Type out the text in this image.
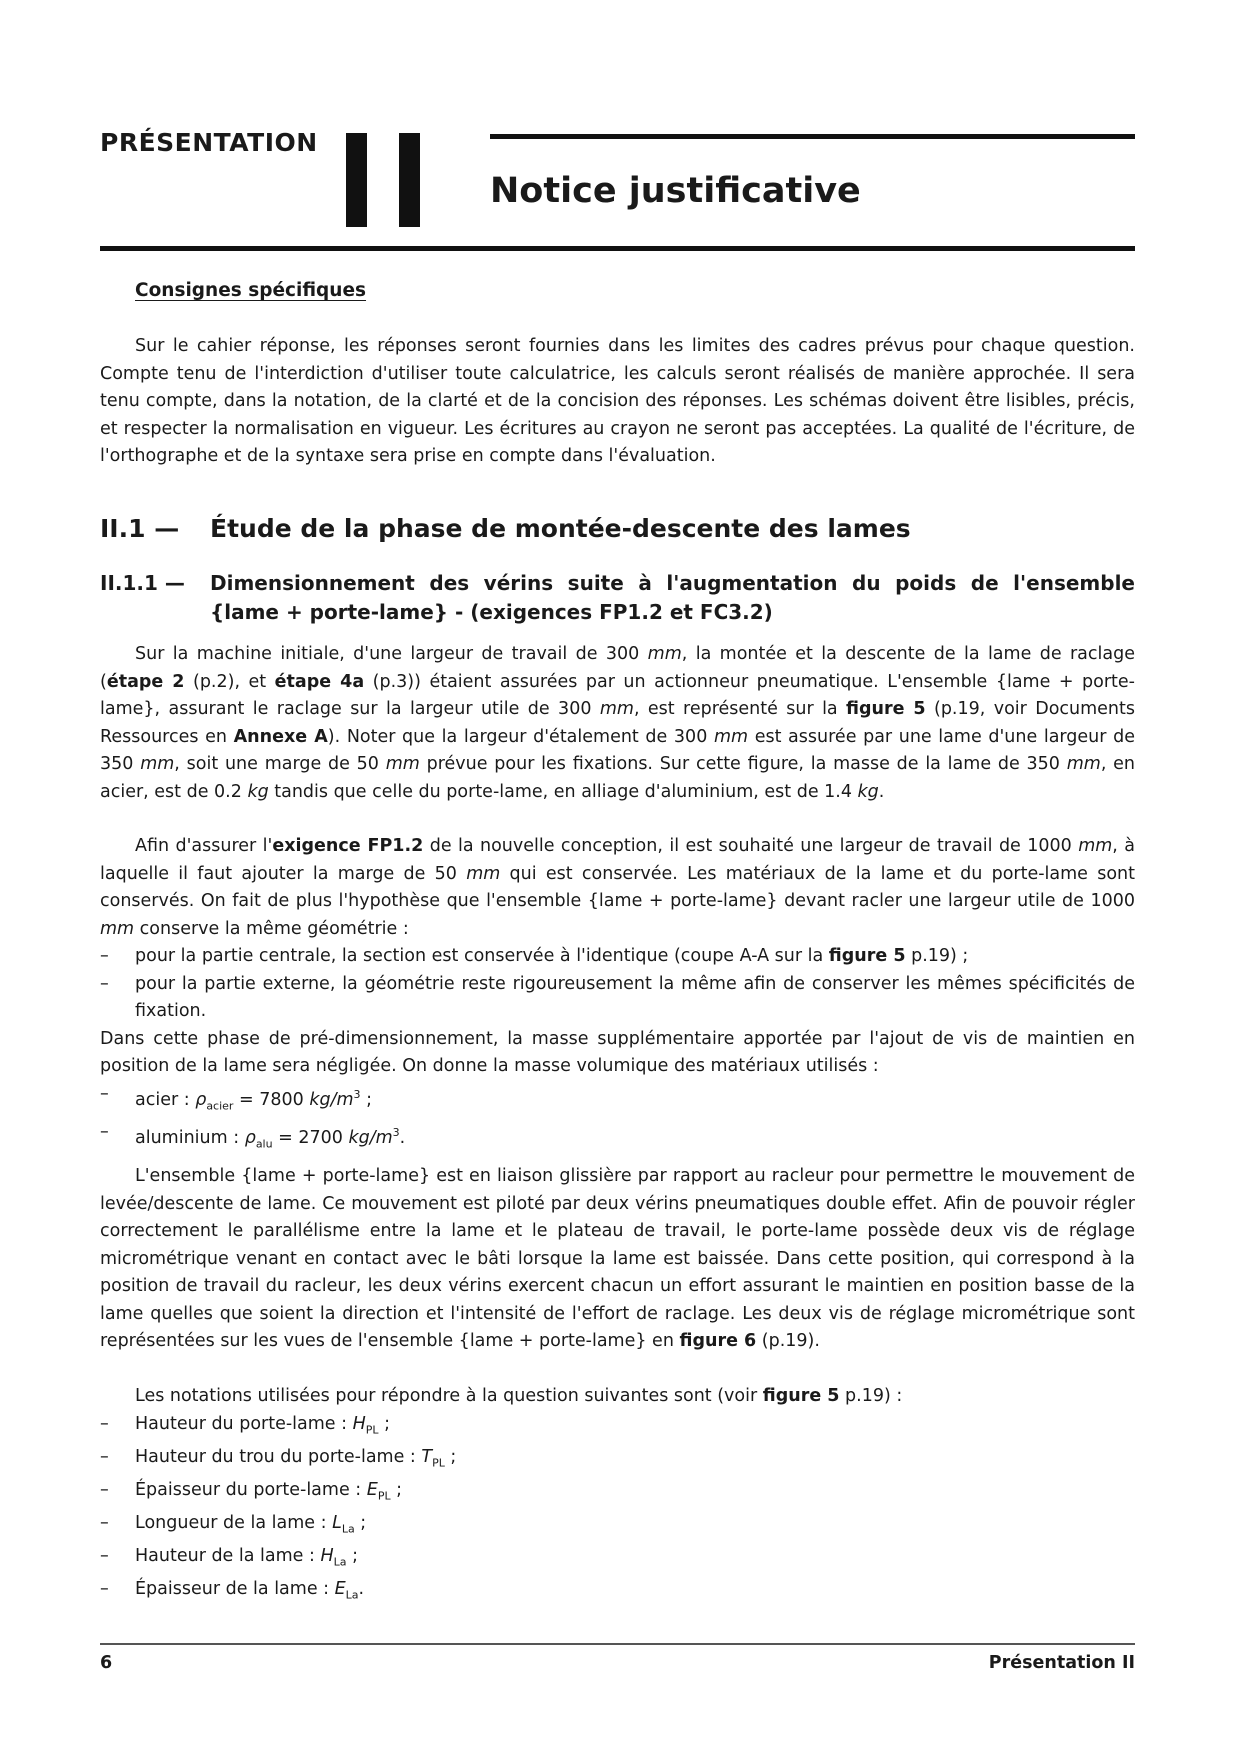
PRÉSENTATION
Notice justificative
Consignes spécifiques

Sur le cahier réponse, les réponses seront fournies dans les limites des cadres prévus pour chaque question. Compte tenu de l'interdiction d'utiliser toute calculatrice, les calculs seront réalisés de manière approchée. Il sera tenu compte, dans la notation, de la clarté et de la concision des réponses. Les schémas doivent être lisibles, précis, et respecter la normalisation en vigueur. Les écritures au crayon ne seront pas acceptées. La qualité de l'écriture, de l'orthographe et de la syntaxe sera prise en compte dans l'évaluation.

II.1 — Étude de la phase de montée-descente des lames
II.1.1 — Dimensionnement des vérins suite à l'augmentation du poids de l'ensemble {lame + porte-lame} - (exigences FP1.2 et FC3.2)

Sur la machine initiale, d'une largeur de travail de 300 mm, la montée et la descente de la lame de raclage (étape 2 (p.2), et étape 4a (p.3)) étaient assurées par un actionneur pneumatique. L'ensemble {lame + porte-lame}, assurant le raclage sur la largeur utile de 300 mm, est représenté sur la figure 5 (p.19, voir Documents Ressources en Annexe A). Noter que la largeur d'étalement de 300 mm est assurée par une lame d'une largeur de 350 mm, soit une marge de 50 mm prévue pour les fixations. Sur cette figure, la masse de la lame de 350 mm, en acier, est de 0.2 kg tandis que celle du porte-lame, en alliage d'aluminium, est de 1.4 kg.

Afin d'assurer l'exigence FP1.2 de la nouvelle conception, il est souhaité une largeur de travail de 1000 mm, à laquelle il faut ajouter la marge de 50 mm qui est conservée. Les matériaux de la lame et du porte-lame sont conservés. On fait de plus l'hypothèse que l'ensemble {lame + porte-lame} devant racler une largeur utile de 1000 mm conserve la même géométrie :

– pour la partie centrale, la section est conservée à l'identique (coupe A-A sur la figure 5 p.19) ;
– pour la partie externe, la géométrie reste rigoureusement la même afin de conserver les mêmes spécificités de fixation.

Dans cette phase de pré-dimensionnement, la masse supplémentaire apportée par l'ajout de vis de maintien en position de la lame sera négligée. On donne la masse volumique des matériaux utilisés :

– acier : $\rho_{acier} = 7800$ $kg/m^3$ ;
– aluminium : $\rho_{alu} = 2700$ $kg/m^3$.

L'ensemble {lame + porte-lame} est en liaison glissière par rapport au racleur pour permettre le mouvement de levée/descente de lame. Ce mouvement est piloté par deux vérins pneumatiques double effet. Afin de pouvoir régler correctement le parallélisme entre la lame et le plateau de travail, le porte-lame possède deux vis de réglage micrométrique venant en contact avec le bâti lorsque la lame est baissée. Dans cette position, qui correspond à la position de travail du racleur, les deux vérins exercent chacun un effort assurant le maintien en position basse de la lame quelles que soient la direction et l'intensité de l'effort de raclage. Les deux vis de réglage micrométrique sont représentées sur les vues de l'ensemble {lame + porte-lame} en figure 6 (p.19).

Les notations utilisées pour répondre à la question suivantes sont (voir figure 5 p.19) :

– Hauteur du porte-lame : $H_{PL}$ ;
– Hauteur du trou du porte-lame : $T_{PL}$ ;
– Épaisseur du porte-lame : $E_{PL}$ ;
– Longueur de la lame : $L_{La}$ ;
– Hauteur de la lame : $H_{La}$ ;
– Épaisseur de la lame : $E_{La}$.
6	Présentation II
